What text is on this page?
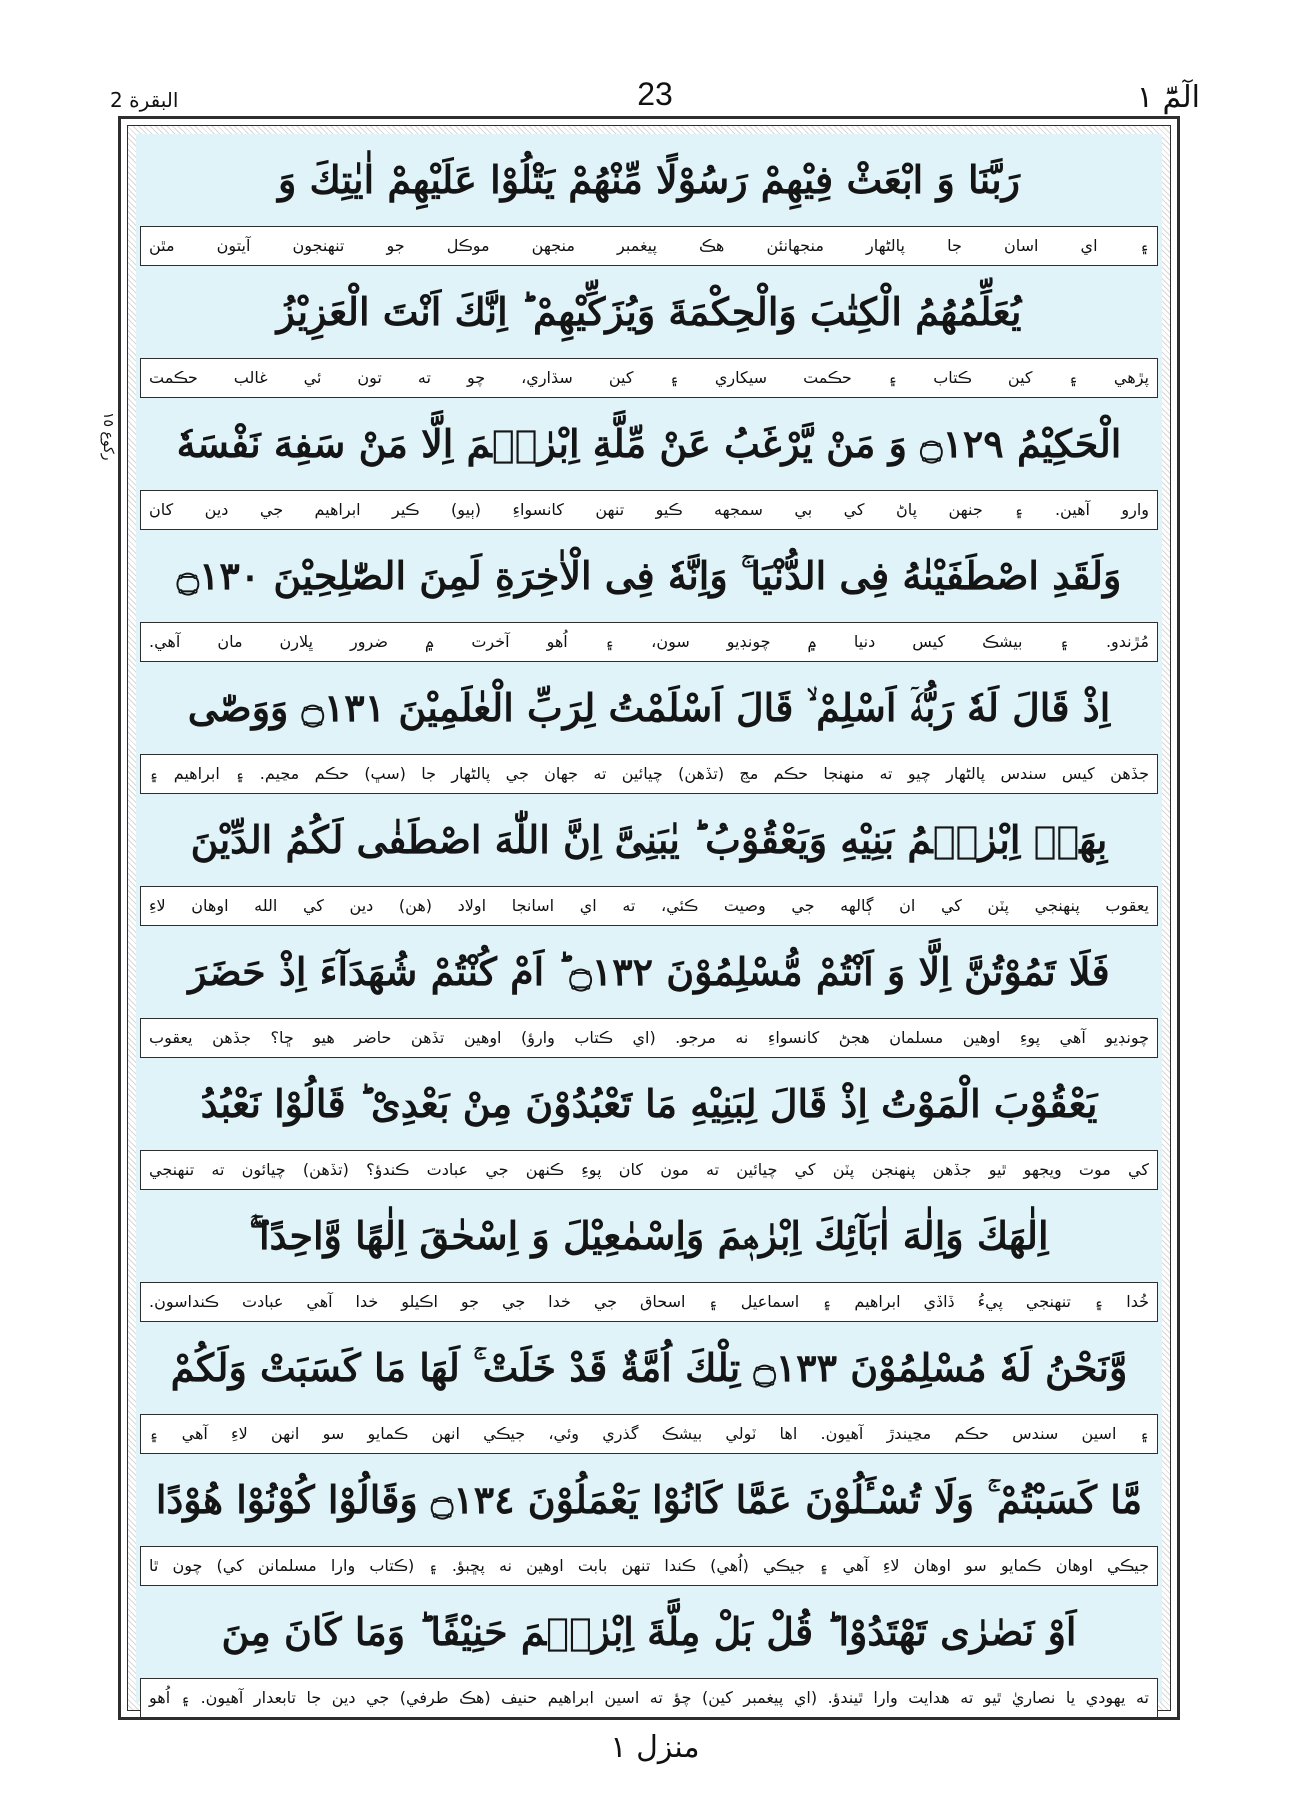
البقرة 2	23	الٓمّٓ ١
ركوع ١٥
رَبَّنَا وَ ابْعَثْ فِيْهِمْ رَسُوْلًا مِّنْهُمْ يَتْلُوْا عَلَيْهِمْ اٰيٰتِكَ وَ
۽ اي اسان جا پالڻهار منجهانئن هڪ پيغمبر منجهن موڪل جو تنهنجون آيتون مٿن
يُعَلِّمُهُمُ الْكِتٰبَ وَالْحِكْمَةَ وَيُزَكِّيْهِمْ ؕ اِنَّكَ اَنْتَ الْعَزِيْزُ
پڙهي ۽ کين ڪتاب ۽ حڪمت سيکاري ۽ کين سڌاري، چو ته تون ئي غالب حڪمت
الْحَكِيْمُ ۝١٢٩ وَ مَنْ يَّرْغَبُ عَنْ مِّلَّةِ اِبْرٰهٖمَ اِلَّا مَنْ سَفِهَ نَفْسَهٗ
وارو آهين. ۽ جنهن پاڻ کي بي سمجهه ڪيو تنهن کانسواءِ (ٻيو) ڪير ابراهيم جي دين کان
وَلَقَدِ اصْطَفَيْنٰهُ فِى الدُّنْيَا ۚ وَاِنَّهٗ فِى الْاٰخِرَةِ لَمِنَ الصّٰلِحِيْنَ ۝١٣٠
مُڙندو. ۽ بيشڪ کيس دنيا ۾ چونڊيو سون، ۽ اُهو آخرت ۾ ضرور ڀلارن مان آهي.
اِذْ قَالَ لَهٗ رَبُّهٗۤ اَسْلِمْ ۙ قَالَ اَسْلَمْتُ لِرَبِّ الْعٰلَمِيْنَ ۝١٣١ وَوَصّٰى
جڏهن کيس سندس پالڻهار چيو ته منهنجا حڪم مڃ (تڏهن) چيائين ته جهان جي پالڻهار جا (سڀ) حڪم مڃيم. ۽ ابراهيم ۽
بِهَاۤ اِبْرٰهٖمُ بَنِيْهِ وَيَعْقُوْبُ ؕ يٰبَنِىَّ اِنَّ اللّٰهَ اصْطَفٰى لَكُمُ الدِّيْنَ
يعقوب پنهنجي پٽن کي ان ڳالهه جي وصيت ڪئي، ته اي اسانجا اولاد (هن) دين کي الله اوهان لاءِ
فَلَا تَمُوْتُنَّ اِلَّا وَ اَنْتُمْ مُّسْلِمُوْنَ ۝١٣٢ ؕ اَمْ كُنْتُمْ شُهَدَآءَ اِذْ حَضَرَ
چونڊيو آهي پوءِ اوهين مسلمان هجڻ کانسواءِ نه مرجو. (اي ڪتاب وارؤ) اوهين تڏهن حاضر هيو ڇا؟ جڏهن يعقوب
يَعْقُوْبَ الْمَوْتُ اِذْ قَالَ لِبَنِيْهِ مَا تَعْبُدُوْنَ مِنْ بَعْدِىْ ؕ قَالُوْا نَعْبُدُ
کي موت ويجهو ٿيو جڏهن پنهنجن پٽن کي چيائين ته مون کان پوءِ ڪنهن جي عبادت ڪندؤ؟ (تڏهن) چيائون ته تنهنجي
اِلٰهَكَ وَاِلٰهَ اٰبَآئِكَ اِبْرٰهٖمَ وَاِسْمٰعِيْلَ وَ اِسْحٰقَ اِلٰهًا وَّاحِدًا ۚۖ
خُدا ۽ تنهنجي پيءُ ڏاڏي ابراهيم ۽ اسماعيل ۽ اسحاق جي خدا جي جو اڪيلو خدا آهي عبادت ڪنداسون.
وَّنَحْنُ لَهٗ مُسْلِمُوْنَ ۝١٣٣ تِلْكَ اُمَّةٌ قَدْ خَلَتْ ۚ لَهَا مَا كَسَبَتْ وَلَكُمْ
۽ اسين سندس حڪم مڃيندڙ آهيون. اها ٽولي بيشڪ گذري وئي، جيڪي انهن ڪمايو سو انهن لاءِ آهي ۽
مَّا كَسَبْتُمْ ۚ وَلَا تُسْـَٔلُوْنَ عَمَّا كَانُوْا يَعْمَلُوْنَ ۝١٣٤ وَقَالُوْا كُوْنُوْا هُوْدًا
جيڪي اوهان ڪمايو سو اوهان لاءِ آهي ۽ جيڪي (اُهي) ڪندا تنهن بابت اوهين نه پڇبؤ. ۽ (ڪتاب وارا مسلمانن کي) چون ٿا
اَوْ نَصٰرٰى تَهْتَدُوْا ؕ قُلْ بَلْ مِلَّةَ اِبْرٰهٖمَ حَنِيْفًا ؕ وَمَا كَانَ مِنَ
ته يهودي يا نصاريٰ ٿيو ته هدايت وارا ٿيندؤ. (اي پيغمبر کين) چؤ ته اسين ابراهيم حنيف (هڪ طرفي) جي دين جا تابعدار آهيون. ۽ اُهو
منزل ١
